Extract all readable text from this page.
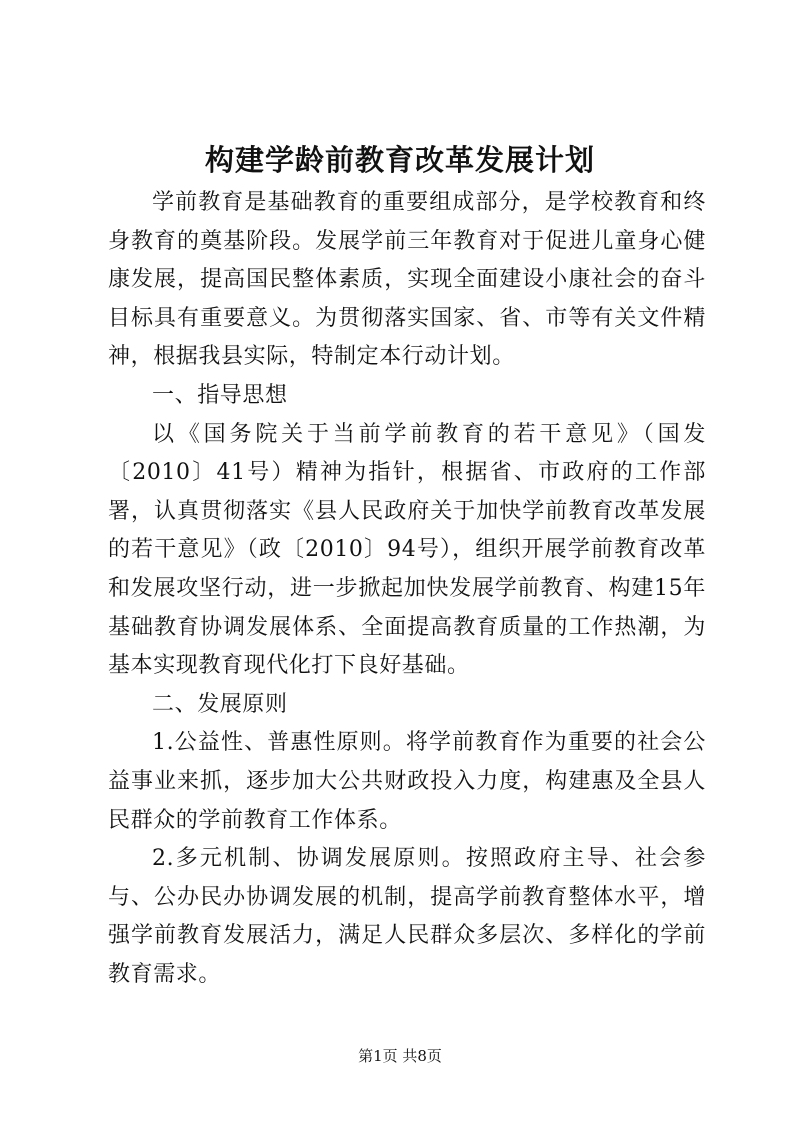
构建学龄前教育改革发展计划

学前教育是基础教育的重要组成部分，是学校教育和终身教育的奠基阶段。发展学前三年教育对于促进儿童身心健康发展，提高国民整体素质，实现全面建设小康社会的奋斗目标具有重要意义。为贯彻落实国家、省、市等有关文件精神，根据我县实际，特制定本行动计划。

一、指导思想

以《国务院关于当前学前教育的若干意见》（国发〔2010〕41号）精神为指针，根据省、市政府的工作部署，认真贯彻落实《县人民政府关于加快学前教育改革发展的若干意见》（政〔2010〕94号），组织开展学前教育改革和发展攻坚行动，进一步掀起加快发展学前教育、构建15年基础教育协调发展体系、全面提高教育质量的工作热潮，为基本实现教育现代化打下良好基础。

二、发展原则

1.公益性、普惠性原则。将学前教育作为重要的社会公益事业来抓，逐步加大公共财政投入力度，构建惠及全县人民群众的学前教育工作体系。

2.多元机制、协调发展原则。按照政府主导、社会参与、公办民办协调发展的机制，提高学前教育整体水平，增强学前教育发展活力，满足人民群众多层次、多样化的学前教育需求。

第1页 共8页
